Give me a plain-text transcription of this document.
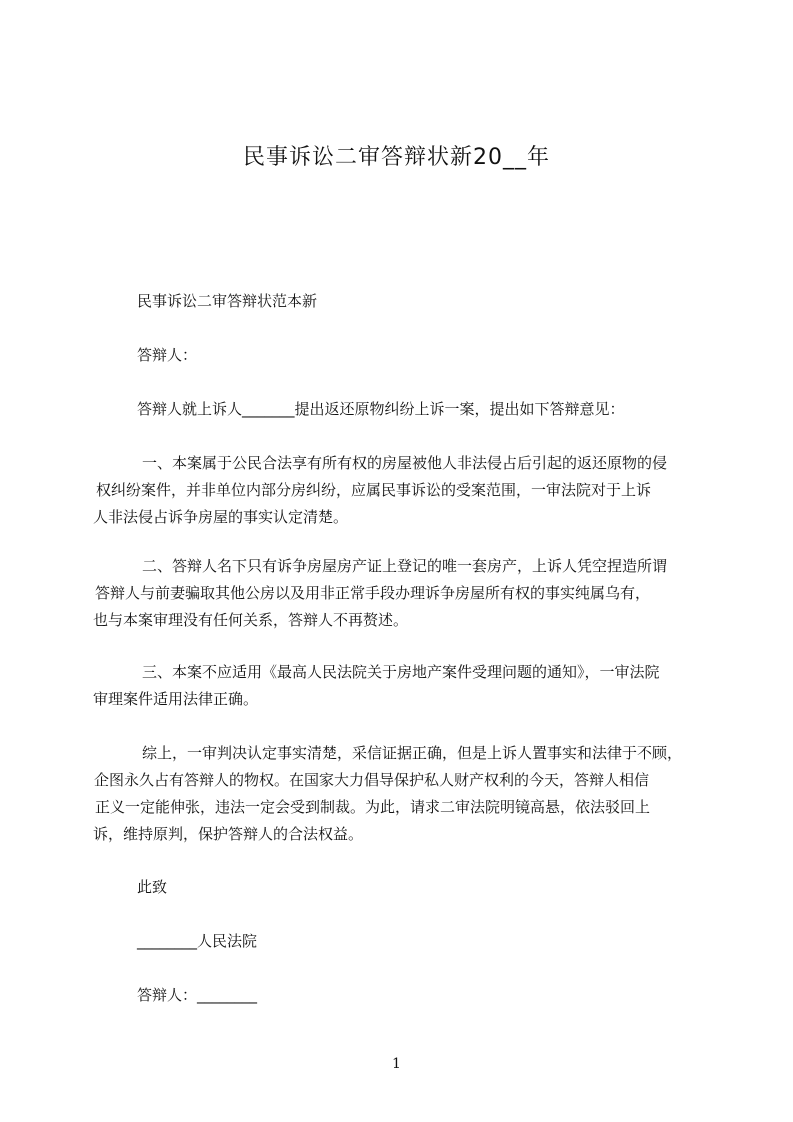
民事诉讼二审答辩状新20__年
民事诉讼二审答辩状范本新
答辩人：
答辩人就上诉人_______提出返还原物纠纷上诉一案，提出如下答辩意见：
一、本案属于公民合法享有所有权的房屋被他人非法侵占后引起的返还原物的侵
权纠纷案件，并非单位内部分房纠纷，应属民事诉讼的受案范围，一审法院对于上诉
人非法侵占诉争房屋的事实认定清楚。
二、答辩人名下只有诉争房屋房产证上登记的唯一套房产，上诉人凭空捏造所谓
答辩人与前妻骗取其他公房以及用非正常手段办理诉争房屋所有权的事实纯属乌有，
也与本案审理没有任何关系，答辩人不再赘述。
三、本案不应适用《最高人民法院关于房地产案件受理问题的通知》，一审法院
审理案件适用法律正确。
综上，一审判决认定事实清楚，采信证据正确，但是上诉人置事实和法律于不顾，
企图永久占有答辩人的物权。在国家大力倡导保护私人财产权利的今天，答辩人相信
正义一定能伸张，违法一定会受到制裁。为此，请求二审法院明镜高悬，依法驳回上
诉，维持原判，保护答辩人的合法权益。
此致
________人民法院
答辩人：________
1
